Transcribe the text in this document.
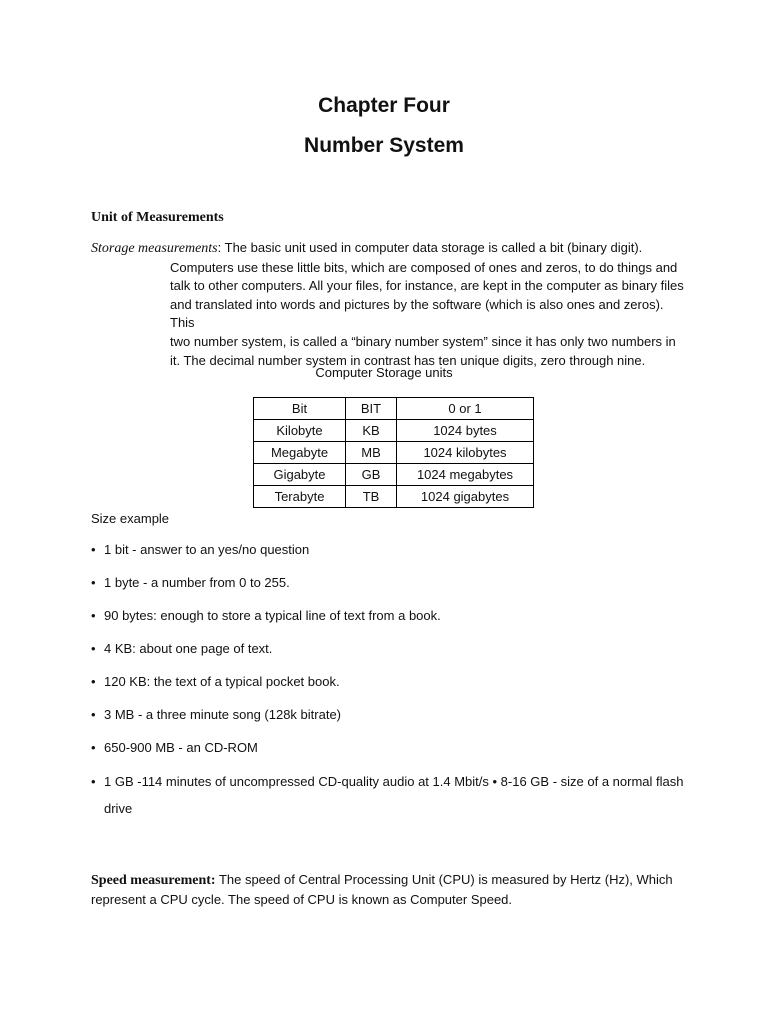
Chapter Four
Number System
Unit of Measurements
Storage measurements: The basic unit used in computer data storage is called a bit (binary digit).
Computers use these little bits, which are composed of ones and zeros, to do things and
talk to other computers. All your files, for instance, are kept in the computer as binary files
and translated into words and pictures by the software (which is also ones and zeros). This
two number system, is called a “binary number system” since it has only two numbers in
it. The decimal number system in contrast has ten unique digits, zero through nine.
Computer Storage units
Bit	BIT	0 or 1
Kilobyte	KB	1024 bytes
Megabyte	MB	1024 kilobytes
Gigabyte	GB	1024 megabytes
Terabyte	TB	1024 gigabytes
Size example
• 1 bit - answer to an yes/no question
• 1 byte - a number from 0 to 255.
• 90 bytes: enough to store a typical line of text from a book.
• 4 KB: about one page of text.
• 120 KB: the text of a typical pocket book.
• 3 MB - a three minute song (128k bitrate)
• 650-900 MB - an CD-ROM
• 1 GB -114 minutes of uncompressed CD-quality audio at 1.4 Mbit/s • 8-16 GB - size of a normal flash drive
Speed measurement: The speed of Central Processing Unit (CPU) is measured by Hertz (Hz), Which represent a CPU cycle. The speed of CPU is known as Computer Speed.
